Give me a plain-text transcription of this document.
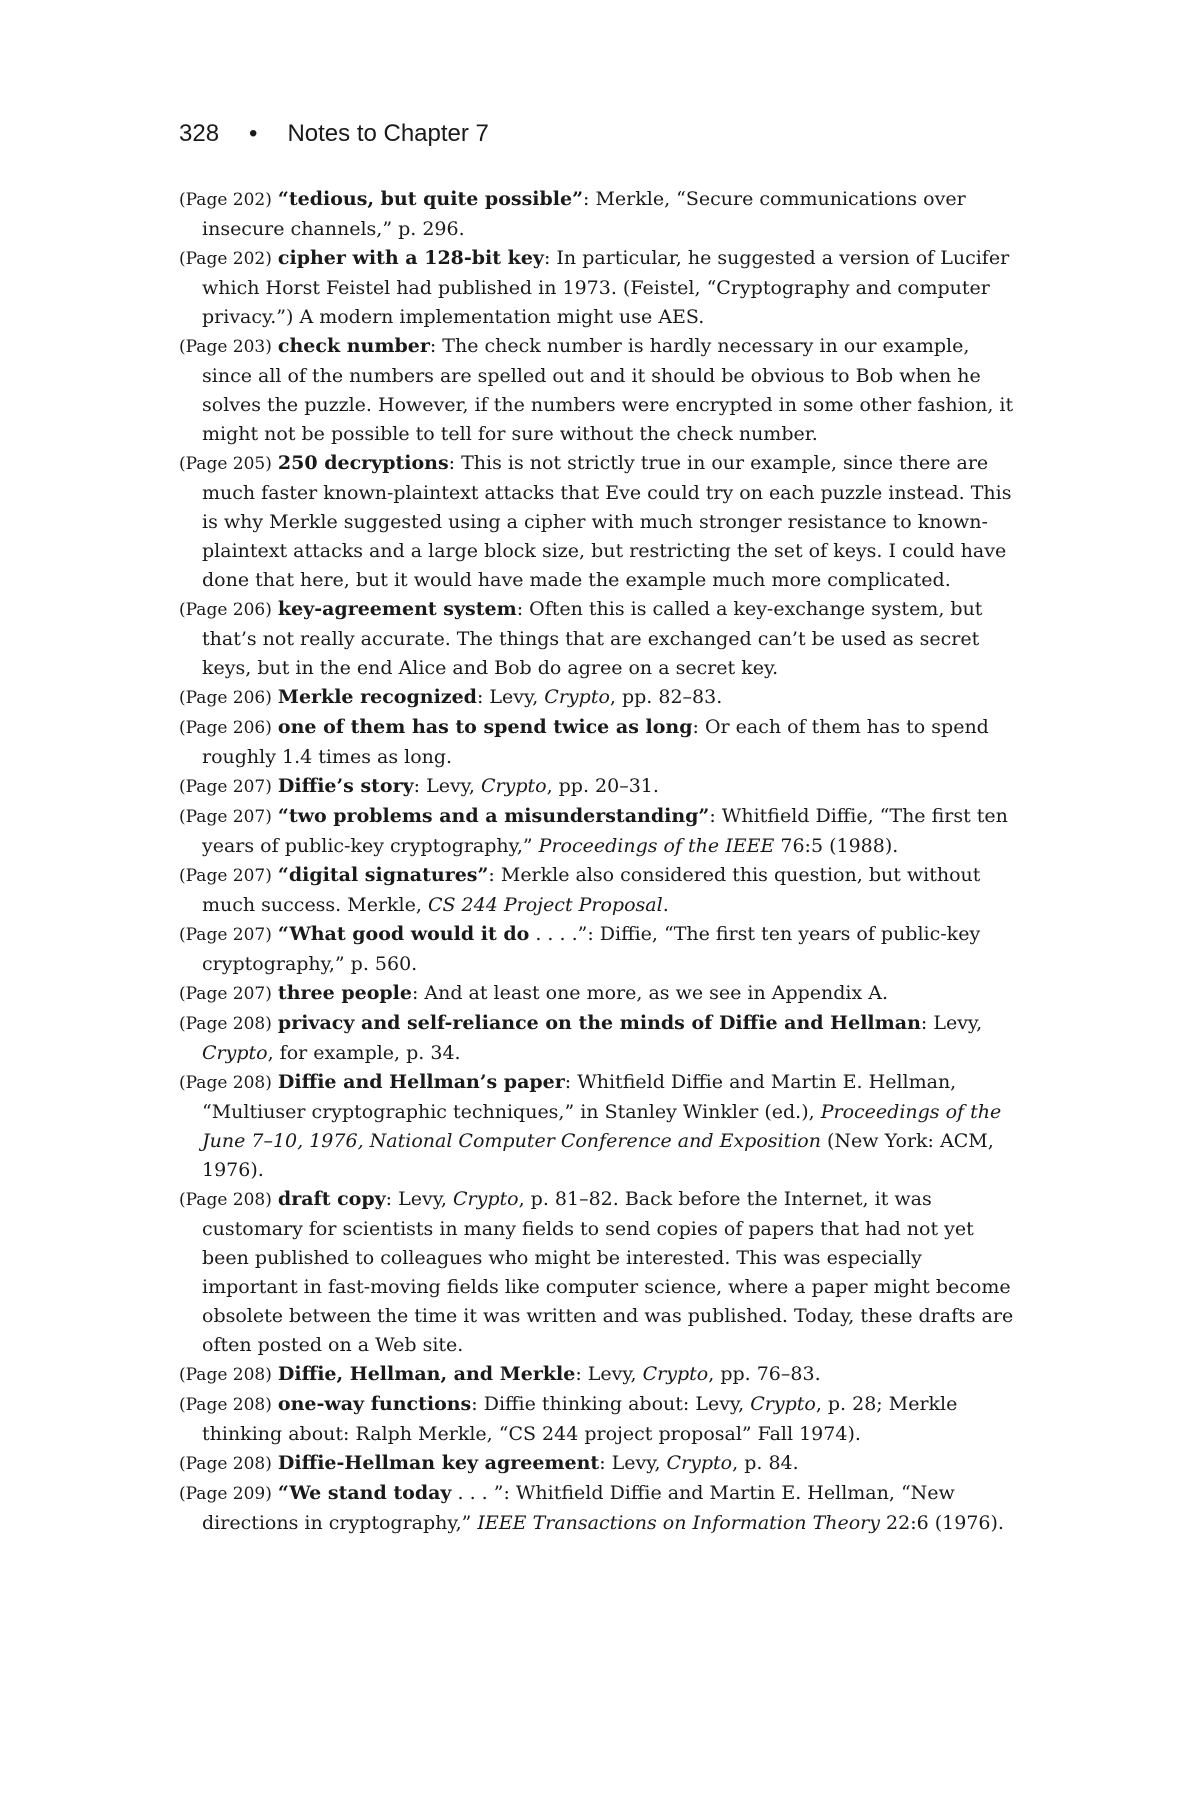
328 • Notes to Chapter 7

(Page 202) “tedious, but quite possible”: Merkle, “Secure communications over insecure channels,” p. 296.

(Page 202) cipher with a 128-bit key: In particular, he suggested a version of Lucifer which Horst Feistel had published in 1973. (Feistel, “Cryptography and computer privacy.”) A modern implementation might use AES.

(Page 203) check number: The check number is hardly necessary in our example, since all of the numbers are spelled out and it should be obvious to Bob when he solves the puzzle. However, if the numbers were encrypted in some other fashion, it might not be possible to tell for sure without the check number.

(Page 205) 250 decryptions: This is not strictly true in our example, since there are much faster known-plaintext attacks that Eve could try on each puzzle instead. This is why Merkle suggested using a cipher with much stronger resistance to known-plaintext attacks and a large block size, but restricting the set of keys. I could have done that here, but it would have made the example much more complicated.

(Page 206) key-agreement system: Often this is called a key-exchange system, but that’s not really accurate. The things that are exchanged can’t be used as secret keys, but in the end Alice and Bob do agree on a secret key.

(Page 206) Merkle recognized: Levy, Crypto, pp. 82–83.

(Page 206) one of them has to spend twice as long: Or each of them has to spend roughly 1.4 times as long.

(Page 207) Diffie’s story: Levy, Crypto, pp. 20–31.

(Page 207) “two problems and a misunderstanding”: Whitfield Diffie, “The first ten years of public-key cryptography,” Proceedings of the IEEE 76:5 (1988).

(Page 207) “digital signatures”: Merkle also considered this question, but without much success. Merkle, CS 244 Project Proposal.

(Page 207) “What good would it do . . . .”: Diffie, “The first ten years of public-key cryptography,” p. 560.

(Page 207) three people: And at least one more, as we see in Appendix A.

(Page 208) privacy and self-reliance on the minds of Diffie and Hellman: Levy, Crypto, for example, p. 34.

(Page 208) Diffie and Hellman’s paper: Whitfield Diffie and Martin E. Hellman, “Multiuser cryptographic techniques,” in Stanley Winkler (ed.), Proceedings of the June 7–10, 1976, National Computer Conference and Exposition (New York: ACM, 1976).

(Page 208) draft copy: Levy, Crypto, p. 81–82. Back before the Internet, it was customary for scientists in many fields to send copies of papers that had not yet been published to colleagues who might be interested. This was especially important in fast-moving fields like computer science, where a paper might become obsolete between the time it was written and was published. Today, these drafts are often posted on a Web site.

(Page 208) Diffie, Hellman, and Merkle: Levy, Crypto, pp. 76–83.

(Page 208) one-way functions: Diffie thinking about: Levy, Crypto, p. 28; Merkle thinking about: Ralph Merkle, “CS 244 project proposal” Fall 1974).

(Page 208) Diffie-Hellman key agreement: Levy, Crypto, p. 84.

(Page 209) “We stand today . . . ”: Whitfield Diffie and Martin E. Hellman, “New directions in cryptography,” IEEE Transactions on Information Theory 22:6 (1976).
